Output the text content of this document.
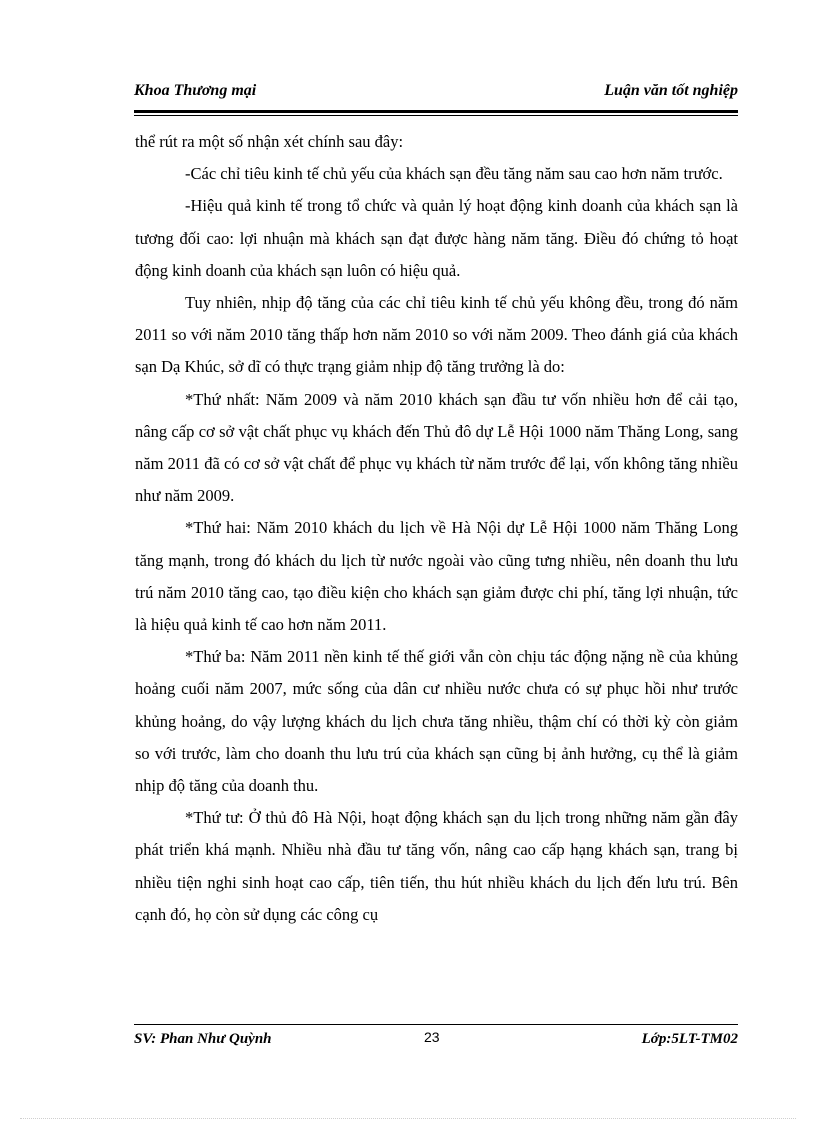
Khoa Thương mại	Luận văn tốt nghiệp

thể rút ra một số nhận xét chính sau đây:

-Các chỉ tiêu kinh tế chủ yếu của khách sạn đều tăng năm sau cao hơn năm trước.

-Hiệu quả kinh tế trong tổ chức và quản lý hoạt động kinh doanh của khách sạn là tương đối cao: lợi nhuận mà khách sạn đạt được hàng năm tăng. Điều đó chứng tỏ hoạt động kinh doanh của khách sạn luôn có hiệu quả.

Tuy nhiên, nhịp độ tăng của các chỉ tiêu kinh tế chủ yếu không đều, trong đó năm 2011 so với năm 2010 tăng thấp hơn năm 2010 so với năm 2009. Theo đánh giá của khách sạn Dạ Khúc, sở dĩ có thực trạng giảm nhịp độ tăng trưởng là do:

*Thứ nhất: Năm 2009 và năm 2010 khách sạn đầu tư vốn nhiều hơn để cải tạo, nâng cấp cơ sở vật chất phục vụ khách đến Thủ đô dự Lễ Hội 1000 năm Thăng Long, sang năm 2011 đã có cơ sở vật chất để phục vụ khách từ năm trước để lại, vốn không tăng nhiều như năm 2009.

*Thứ hai: Năm 2010 khách du lịch về Hà Nội dự Lễ Hội 1000 năm Thăng Long tăng mạnh, trong đó khách du lịch từ nước ngoài vào cũng tưng nhiều, nên doanh thu lưu trú năm 2010 tăng cao, tạo điều kiện cho khách sạn giảm được chi phí, tăng lợi nhuận, tức là hiệu quả kinh tế cao hơn năm 2011.

*Thứ ba: Năm 2011 nền kinh tế thế giới vẫn còn chịu tác động nặng nề của khủng hoảng cuối năm 2007, mức sống của dân cư nhiều nước chưa có sự phục hồi như trước khủng hoảng, do vậy lượng khách du lịch chưa tăng nhiều, thậm chí có thời kỳ còn giảm so với trước, làm cho doanh thu lưu trú của khách sạn cũng bị ảnh hưởng, cụ thể là giảm nhịp độ tăng của doanh thu.

*Thứ tư: Ở thủ đô Hà Nội, hoạt động khách sạn du lịch trong những năm gần đây phát triển khá mạnh. Nhiều nhà đầu tư tăng vốn, nâng cao cấp hạng khách sạn, trang bị nhiều tiện nghi sinh hoạt cao cấp, tiên tiến, thu hút nhiều khách du lịch đến lưu trú. Bên cạnh đó, họ còn sử dụng các công cụ

SV: Phan Như Quỳnh	23	Lớp:5LT-TM02
